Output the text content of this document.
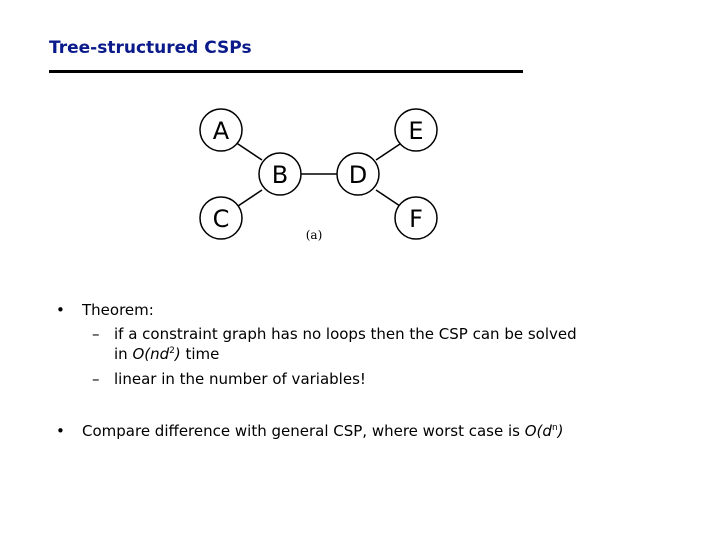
Tree-structured CSPs
A
B
C
D
E
F
(a)
• Theorem:
– if a constraint graph has no loops then the CSP can be solved
in $O(nd^2)$ time
– linear in the number of variables!
• Compare difference with general CSP, where worst case is $O(d^n)$
